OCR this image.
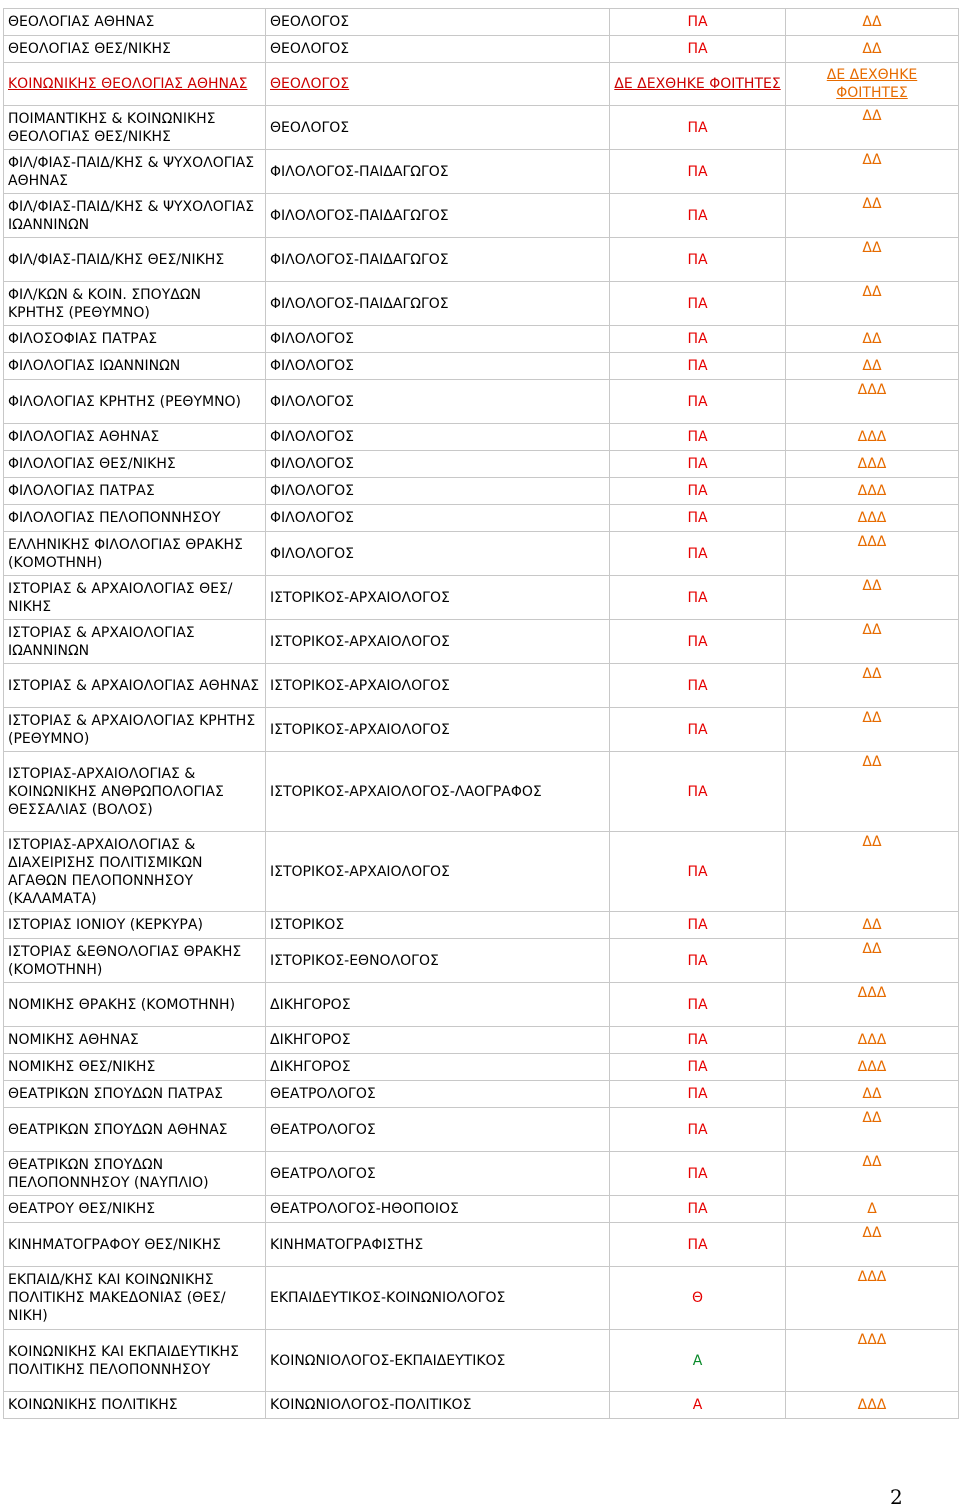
ΘΕΟΛΟΓΙΑΣ ΑΘΗΝΑΣ	ΘΕΟΛΟΓΟΣ	ΠΑ	ΔΔ
ΘΕΟΛΟΓΙΑΣ ΘΕΣ/ΝΙΚΗΣ	ΘΕΟΛΟΓΟΣ	ΠΑ	ΔΔ
ΚΟΙΝΩΝΙΚΗΣ ΘΕΟΛΟΓΙΑΣ ΑΘΗΝΑΣ	ΘΕΟΛΟΓΟΣ	ΔΕ ΔΕΧΘΗΚΕ ΦΟΙΤΗΤΕΣ	ΔΕ ΔΕΧΘΗΚΕ ΦΟΙΤΗΤΕΣ
ΠΟΙΜΑΝΤΙΚΗΣ & ΚΟΙΝΩΝΙΚΗΣ ΘΕΟΛΟΓΙΑΣ ΘΕΣ/ΝΙΚΗΣ	ΘΕΟΛΟΓΟΣ	ΠΑ	ΔΔ
ΦΙΛ/ΦΙΑΣ-ΠΑΙΔ/ΚΗΣ & ΨΥΧΟΛΟΓΙΑΣ ΑΘΗΝΑΣ	ΦΙΛΟΛΟΓΟΣ-ΠΑΙΔΑΓΩΓΟΣ	ΠΑ	ΔΔ
ΦΙΛ/ΦΙΑΣ-ΠΑΙΔ/ΚΗΣ & ΨΥΧΟΛΟΓΙΑΣ ΙΩΑΝΝΙΝΩΝ	ΦΙΛΟΛΟΓΟΣ-ΠΑΙΔΑΓΩΓΟΣ	ΠΑ	ΔΔ
ΦΙΛ/ΦΙΑΣ-ΠΑΙΔ/ΚΗΣ ΘΕΣ/ΝΙΚΗΣ	ΦΙΛΟΛΟΓΟΣ-ΠΑΙΔΑΓΩΓΟΣ	ΠΑ	ΔΔ
ΦΙΛ/ΚΩΝ & ΚΟΙΝ. ΣΠΟΥΔΩΝ ΚΡΗΤΗΣ (ΡΕΘΥΜΝΟ)	ΦΙΛΟΛΟΓΟΣ-ΠΑΙΔΑΓΩΓΟΣ	ΠΑ	ΔΔ
ΦΙΛΟΣΟΦΙΑΣ ΠΑΤΡΑΣ	ΦΙΛΟΛΟΓΟΣ	ΠΑ	ΔΔ
ΦΙΛΟΛΟΓΙΑΣ ΙΩΑΝΝΙΝΩΝ	ΦΙΛΟΛΟΓΟΣ	ΠΑ	ΔΔ
ΦΙΛΟΛΟΓΙΑΣ ΚΡΗΤΗΣ (ΡΕΘΥΜΝΟ)	ΦΙΛΟΛΟΓΟΣ	ΠΑ	ΔΔΔ
ΦΙΛΟΛΟΓΙΑΣ ΑΘΗΝΑΣ	ΦΙΛΟΛΟΓΟΣ	ΠΑ	ΔΔΔ
ΦΙΛΟΛΟΓΙΑΣ ΘΕΣ/ΝΙΚΗΣ	ΦΙΛΟΛΟΓΟΣ	ΠΑ	ΔΔΔ
ΦΙΛΟΛΟΓΙΑΣ ΠΑΤΡΑΣ	ΦΙΛΟΛΟΓΟΣ	ΠΑ	ΔΔΔ
ΦΙΛΟΛΟΓΙΑΣ ΠΕΛΟΠΟΝΝΗΣΟΥ	ΦΙΛΟΛΟΓΟΣ	ΠΑ	ΔΔΔ
ΕΛΛΗΝΙΚΗΣ ΦΙΛΟΛΟΓΙΑΣ ΘΡΑΚΗΣ (ΚΟΜΟΤΗΝΗ)	ΦΙΛΟΛΟΓΟΣ	ΠΑ	ΔΔΔ
ΙΣΤΟΡΙΑΣ & ΑΡΧΑΙΟΛΟΓΙΑΣ ΘΕΣ/ΝΙΚΗΣ	ΙΣΤΟΡΙΚΟΣ-ΑΡΧΑΙΟΛΟΓΟΣ	ΠΑ	ΔΔ
ΙΣΤΟΡΙΑΣ & ΑΡΧΑΙΟΛΟΓΙΑΣ ΙΩΑΝΝΙΝΩΝ	ΙΣΤΟΡΙΚΟΣ-ΑΡΧΑΙΟΛΟΓΟΣ	ΠΑ	ΔΔ
ΙΣΤΟΡΙΑΣ & ΑΡΧΑΙΟΛΟΓΙΑΣ ΑΘΗΝΑΣ	ΙΣΤΟΡΙΚΟΣ-ΑΡΧΑΙΟΛΟΓΟΣ	ΠΑ	ΔΔ
ΙΣΤΟΡΙΑΣ & ΑΡΧΑΙΟΛΟΓΙΑΣ ΚΡΗΤΗΣ (ΡΕΘΥΜΝΟ)	ΙΣΤΟΡΙΚΟΣ-ΑΡΧΑΙΟΛΟΓΟΣ	ΠΑ	ΔΔ
ΙΣΤΟΡΙΑΣ-ΑΡΧΑΙΟΛΟΓΙΑΣ & ΚΟΙΝΩΝΙΚΗΣ ΑΝΘΡΩΠΟΛΟΓΙΑΣ ΘΕΣΣΑΛΙΑΣ (ΒΟΛΟΣ)	ΙΣΤΟΡΙΚΟΣ-ΑΡΧΑΙΟΛΟΓΟΣ-ΛΑΟΓΡΑΦΟΣ	ΠΑ	ΔΔ
ΙΣΤΟΡΙΑΣ-ΑΡΧΑΙΟΛΟΓΙΑΣ & ΔΙΑΧΕΙΡΙΣΗΣ ΠΟΛΙΤΙΣΜΙΚΩΝ ΑΓΑΘΩΝ ΠΕΛΟΠΟΝΝΗΣΟΥ (ΚΑΛΑΜΑΤΑ)	ΙΣΤΟΡΙΚΟΣ-ΑΡΧΑΙΟΛΟΓΟΣ	ΠΑ	ΔΔ
ΙΣΤΟΡΙΑΣ ΙΟΝΙΟΥ (ΚΕΡΚΥΡΑ)	ΙΣΤΟΡΙΚΟΣ	ΠΑ	ΔΔ
ΙΣΤΟΡΙΑΣ &ΕΘΝΟΛΟΓΙΑΣ ΘΡΑΚΗΣ (ΚΟΜΟΤΗΝΗ)	ΙΣΤΟΡΙΚΟΣ-ΕΘΝΟΛΟΓΟΣ	ΠΑ	ΔΔ
ΝΟΜΙΚΗΣ ΘΡΑΚΗΣ (ΚΟΜΟΤΗΝΗ)	ΔΙΚΗΓΟΡΟΣ	ΠΑ	ΔΔΔ
ΝΟΜΙΚΗΣ ΑΘΗΝΑΣ	ΔΙΚΗΓΟΡΟΣ	ΠΑ	ΔΔΔ
ΝΟΜΙΚΗΣ ΘΕΣ/ΝΙΚΗΣ	ΔΙΚΗΓΟΡΟΣ	ΠΑ	ΔΔΔ
ΘΕΑΤΡΙΚΩΝ ΣΠΟΥΔΩΝ ΠΑΤΡΑΣ	ΘΕΑΤΡΟΛΟΓΟΣ	ΠΑ	ΔΔ
ΘΕΑΤΡΙΚΩΝ ΣΠΟΥΔΩΝ ΑΘΗΝΑΣ	ΘΕΑΤΡΟΛΟΓΟΣ	ΠΑ	ΔΔ
ΘΕΑΤΡΙΚΩΝ ΣΠΟΥΔΩΝ ΠΕΛΟΠΟΝΝΗΣΟΥ (ΝΑΥΠΛΙΟ)	ΘΕΑΤΡΟΛΟΓΟΣ	ΠΑ	ΔΔ
ΘΕΑΤΡΟΥ ΘΕΣ/ΝΙΚΗΣ	ΘΕΑΤΡΟΛΟΓΟΣ-ΗΘΟΠΟΙΟΣ	ΠΑ	Δ
ΚΙΝΗΜΑΤΟΓΡΑΦΟΥ ΘΕΣ/ΝΙΚΗΣ	ΚΙΝΗΜΑΤΟΓΡΑΦΙΣΤΗΣ	ΠΑ	ΔΔ
ΕΚΠΑΙΔ/ΚΗΣ ΚΑΙ ΚΟΙΝΩΝΙΚΗΣ ΠΟΛΙΤΙΚΗΣ ΜΑΚΕΔΟΝΙΑΣ (ΘΕΣ/ΝΙΚΗ)	ΕΚΠΑΙΔΕΥΤΙΚΟΣ-ΚΟΙΝΩΝΙΟΛΟΓΟΣ	Θ	ΔΔΔ
ΚΟΙΝΩΝΙΚΗΣ ΚΑΙ ΕΚΠΑΙΔΕΥΤΙΚΗΣ ΠΟΛΙΤΙΚΗΣ ΠΕΛΟΠΟΝΝΗΣΟΥ	ΚΟΙΝΩΝΙΟΛΟΓΟΣ-ΕΚΠΑΙΔΕΥΤΙΚΟΣ	Α	ΔΔΔ
ΚΟΙΝΩΝΙΚΗΣ ΠΟΛΙΤΙΚΗΣ	ΚΟΙΝΩΝΙΟΛΟΓΟΣ-ΠΟΛΙΤΙΚΟΣ	Α	ΔΔΔ
2
